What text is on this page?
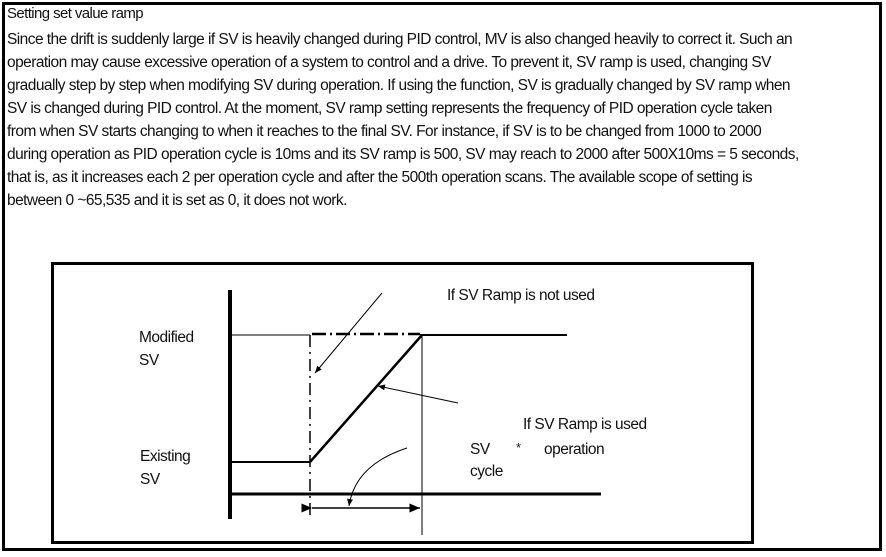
Setting set value ramp
Since the drift is suddenly large if SV is heavily changed during PID control, MV is also changed heavily to correct it. Such an
operation may cause excessive operation of a system to control and a drive. To prevent it, SV ramp is used, changing SV
gradually step by step when modifying SV during operation. If using the function, SV is gradually changed by SV ramp when
SV is changed during PID control. At the moment, SV ramp setting represents the frequency of PID operation cycle taken
from when SV starts changing to when it reaches to the final SV. For instance, if SV is to be changed from 1000 to 2000
during operation as PID operation cycle is 10ms and its SV ramp is 500, SV may reach to 2000 after 500X10ms = 5 seconds,
that is, as it increases each 2 per operation cycle and after the 500th operation scans. The available scope of setting is
between 0 ~65,535 and it is set as 0, it does not work.
Modified
SV
Existing
SV
If SV Ramp is not used
If SV Ramp is used
SV * operation
cycle
